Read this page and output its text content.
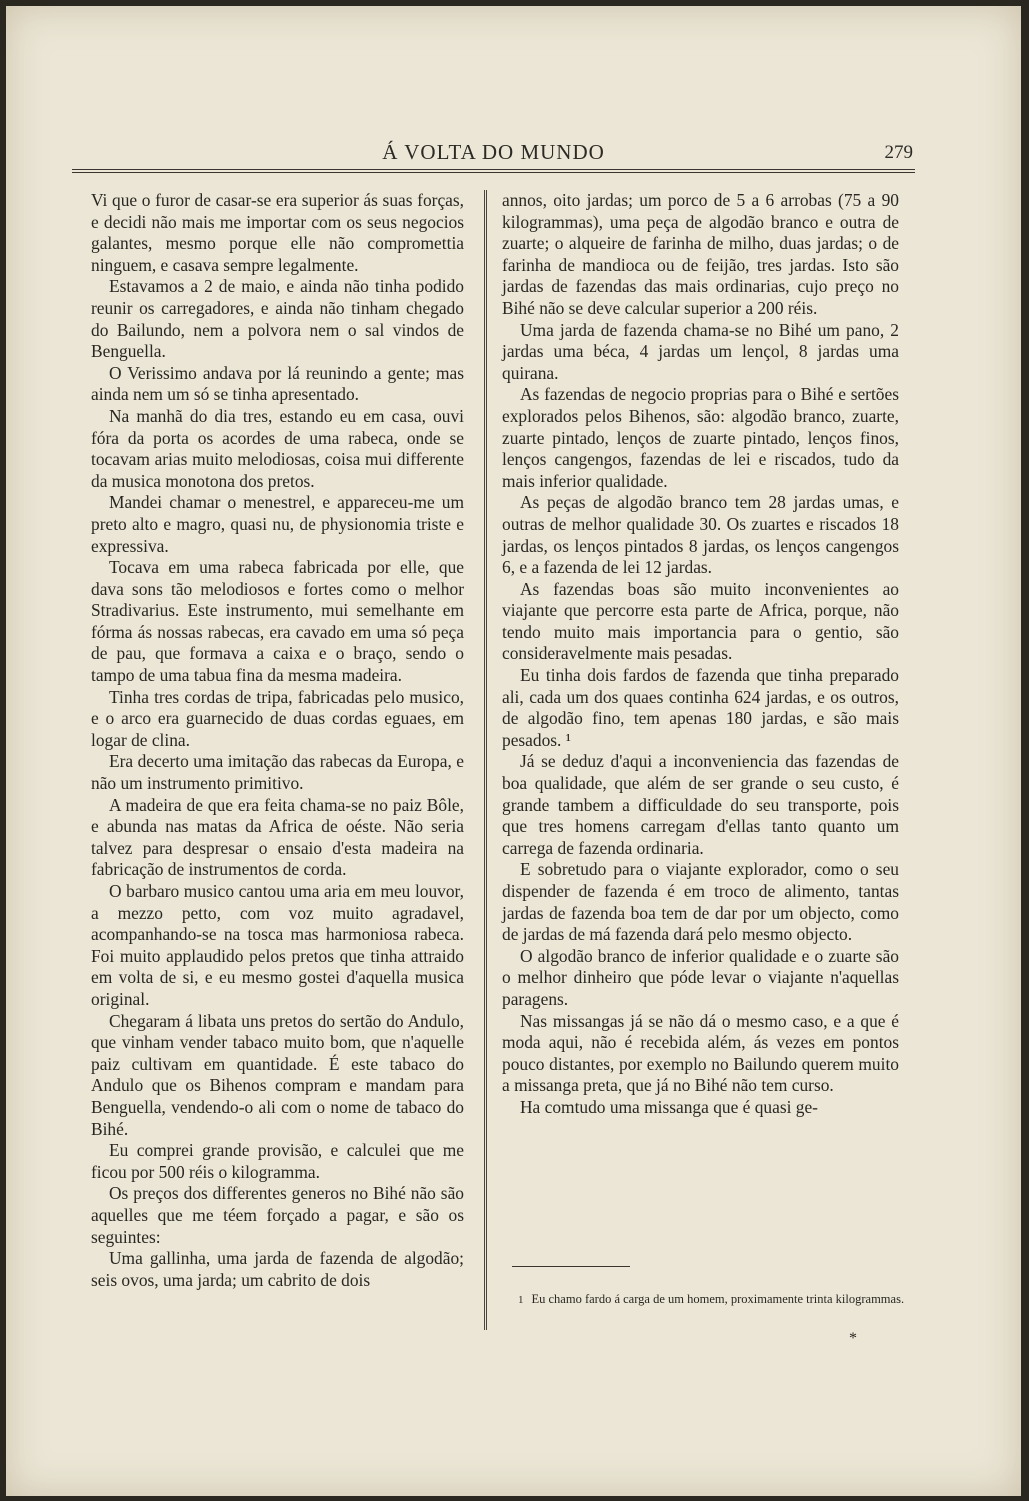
Á VOLTA DO MUNDO	279

Vi que o furor de casar-se era superior ás suas forças, e decidi não mais me importar com os seus negocios galantes, mesmo porque elle não compromettia ninguem, e casava sempre legalmente.

Estavamos a 2 de maio, e ainda não tinha podido reunir os carregadores, e ainda não tinham chegado do Bailundo, nem a polvora nem o sal vindos de Benguella.

O Verissimo andava por lá reunindo a gente; mas ainda nem um só se tinha apresentado.

Na manhã do dia tres, estando eu em casa, ouvi fóra da porta os acordes de uma rabeca, onde se tocavam arias muito melodiosas, coisa mui differente da musica monotona dos pretos.

Mandei chamar o menestrel, e appareceu-me um preto alto e magro, quasi nu, de physionomia triste e expressiva.

Tocava em uma rabeca fabricada por elle, que dava sons tão melodiosos e fortes como o melhor Stradivarius. Este instrumento, mui semelhante em fórma ás nossas rabecas, era cavado em uma só peça de pau, que formava a caixa e o braço, sendo o tampo de uma tabua fina da mesma madeira.

Tinha tres cordas de tripa, fabricadas pelo musico, e o arco era guarnecido de duas cordas eguaes, em logar de clina.

Era decerto uma imitação das rabecas da Europa, e não um instrumento primitivo.

A madeira de que era feita chama-se no paiz Bôle, e abunda nas matas da Africa de oéste. Não seria talvez para despresar o ensaio d'esta madeira na fabricação de instrumentos de corda.

O barbaro musico cantou uma aria em meu louvor, a mezzo petto, com voz muito agradavel, acompanhando-se na tosca mas harmoniosa rabeca. Foi muito applaudido pelos pretos que tinha attraido em volta de si, e eu mesmo gostei d'aquella musica original.

Chegaram á libata uns pretos do sertão do Andulo, que vinham vender tabaco muito bom, que n'aquelle paiz cultivam em quantidade. É este tabaco do Andulo que os Bihenos compram e mandam para Benguella, vendendo-o ali com o nome de tabaco do Bihé.

Eu comprei grande provisão, e calculei que me ficou por 500 réis o kilogramma.

Os preços dos differentes generos no Bihé não são aquelles que me téem forçado a pagar, e são os seguintes:

Uma gallinha, uma jarda de fazenda de algodão; seis ovos, uma jarda; um cabrito de dois

annos, oito jardas; um porco de 5 a 6 arrobas (75 a 90 kilogrammas), uma peça de algodão branco e outra de zuarte; o alqueire de farinha de milho, duas jardas; o de farinha de mandioca ou de feijão, tres jardas. Isto são jardas de fazendas das mais ordinarias, cujo preço no Bihé não se deve calcular superior a 200 réis.

Uma jarda de fazenda chama-se no Bihé um pano, 2 jardas uma béca, 4 jardas um lençol, 8 jardas uma quirana.

As fazendas de negocio proprias para o Bihé e sertões explorados pelos Bihenos, são: algodão branco, zuarte, zuarte pintado, lenços de zuarte pintado, lenços finos, lenços cangengos, fazendas de lei e riscados, tudo da mais inferior qualidade.

As peças de algodão branco tem 28 jardas umas, e outras de melhor qualidade 30. Os zuartes e riscados 18 jardas, os lenços pintados 8 jardas, os lenços cangengos 6, e a fazenda de lei 12 jardas.

As fazendas boas são muito inconvenientes ao viajante que percorre esta parte de Africa, porque, não tendo muito mais importancia para o gentio, são consideravelmente mais pesadas.

Eu tinha dois fardos de fazenda que tinha preparado ali, cada um dos quaes continha 624 jardas, e os outros, de algodão fino, tem apenas 180 jardas, e são mais pesados. ¹

Já se deduz d'aqui a inconveniencia das fazendas de boa qualidade, que além de ser grande o seu custo, é grande tambem a difficuldade do seu transporte, pois que tres homens carregam d'ellas tanto quanto um carrega de fazenda ordinaria.

E sobretudo para o viajante explorador, como o seu dispender de fazenda é em troco de alimento, tantas jardas de fazenda boa tem de dar por um objecto, como de jardas de má fazenda dará pelo mesmo objecto.

O algodão branco de inferior qualidade e o zuarte são o melhor dinheiro que póde levar o viajante n'aquellas paragens.

Nas missangas já se não dá o mesmo caso, e a que é moda aqui, não é recebida além, ás vezes em pontos pouco distantes, por exemplo no Bailundo querem muito a missanga preta, que já no Bihé não tem curso.

Ha comtudo uma missanga que é quasi ge-

1 Eu chamo fardo á carga de um homem, proximamente trinta kilogrammas.
*
